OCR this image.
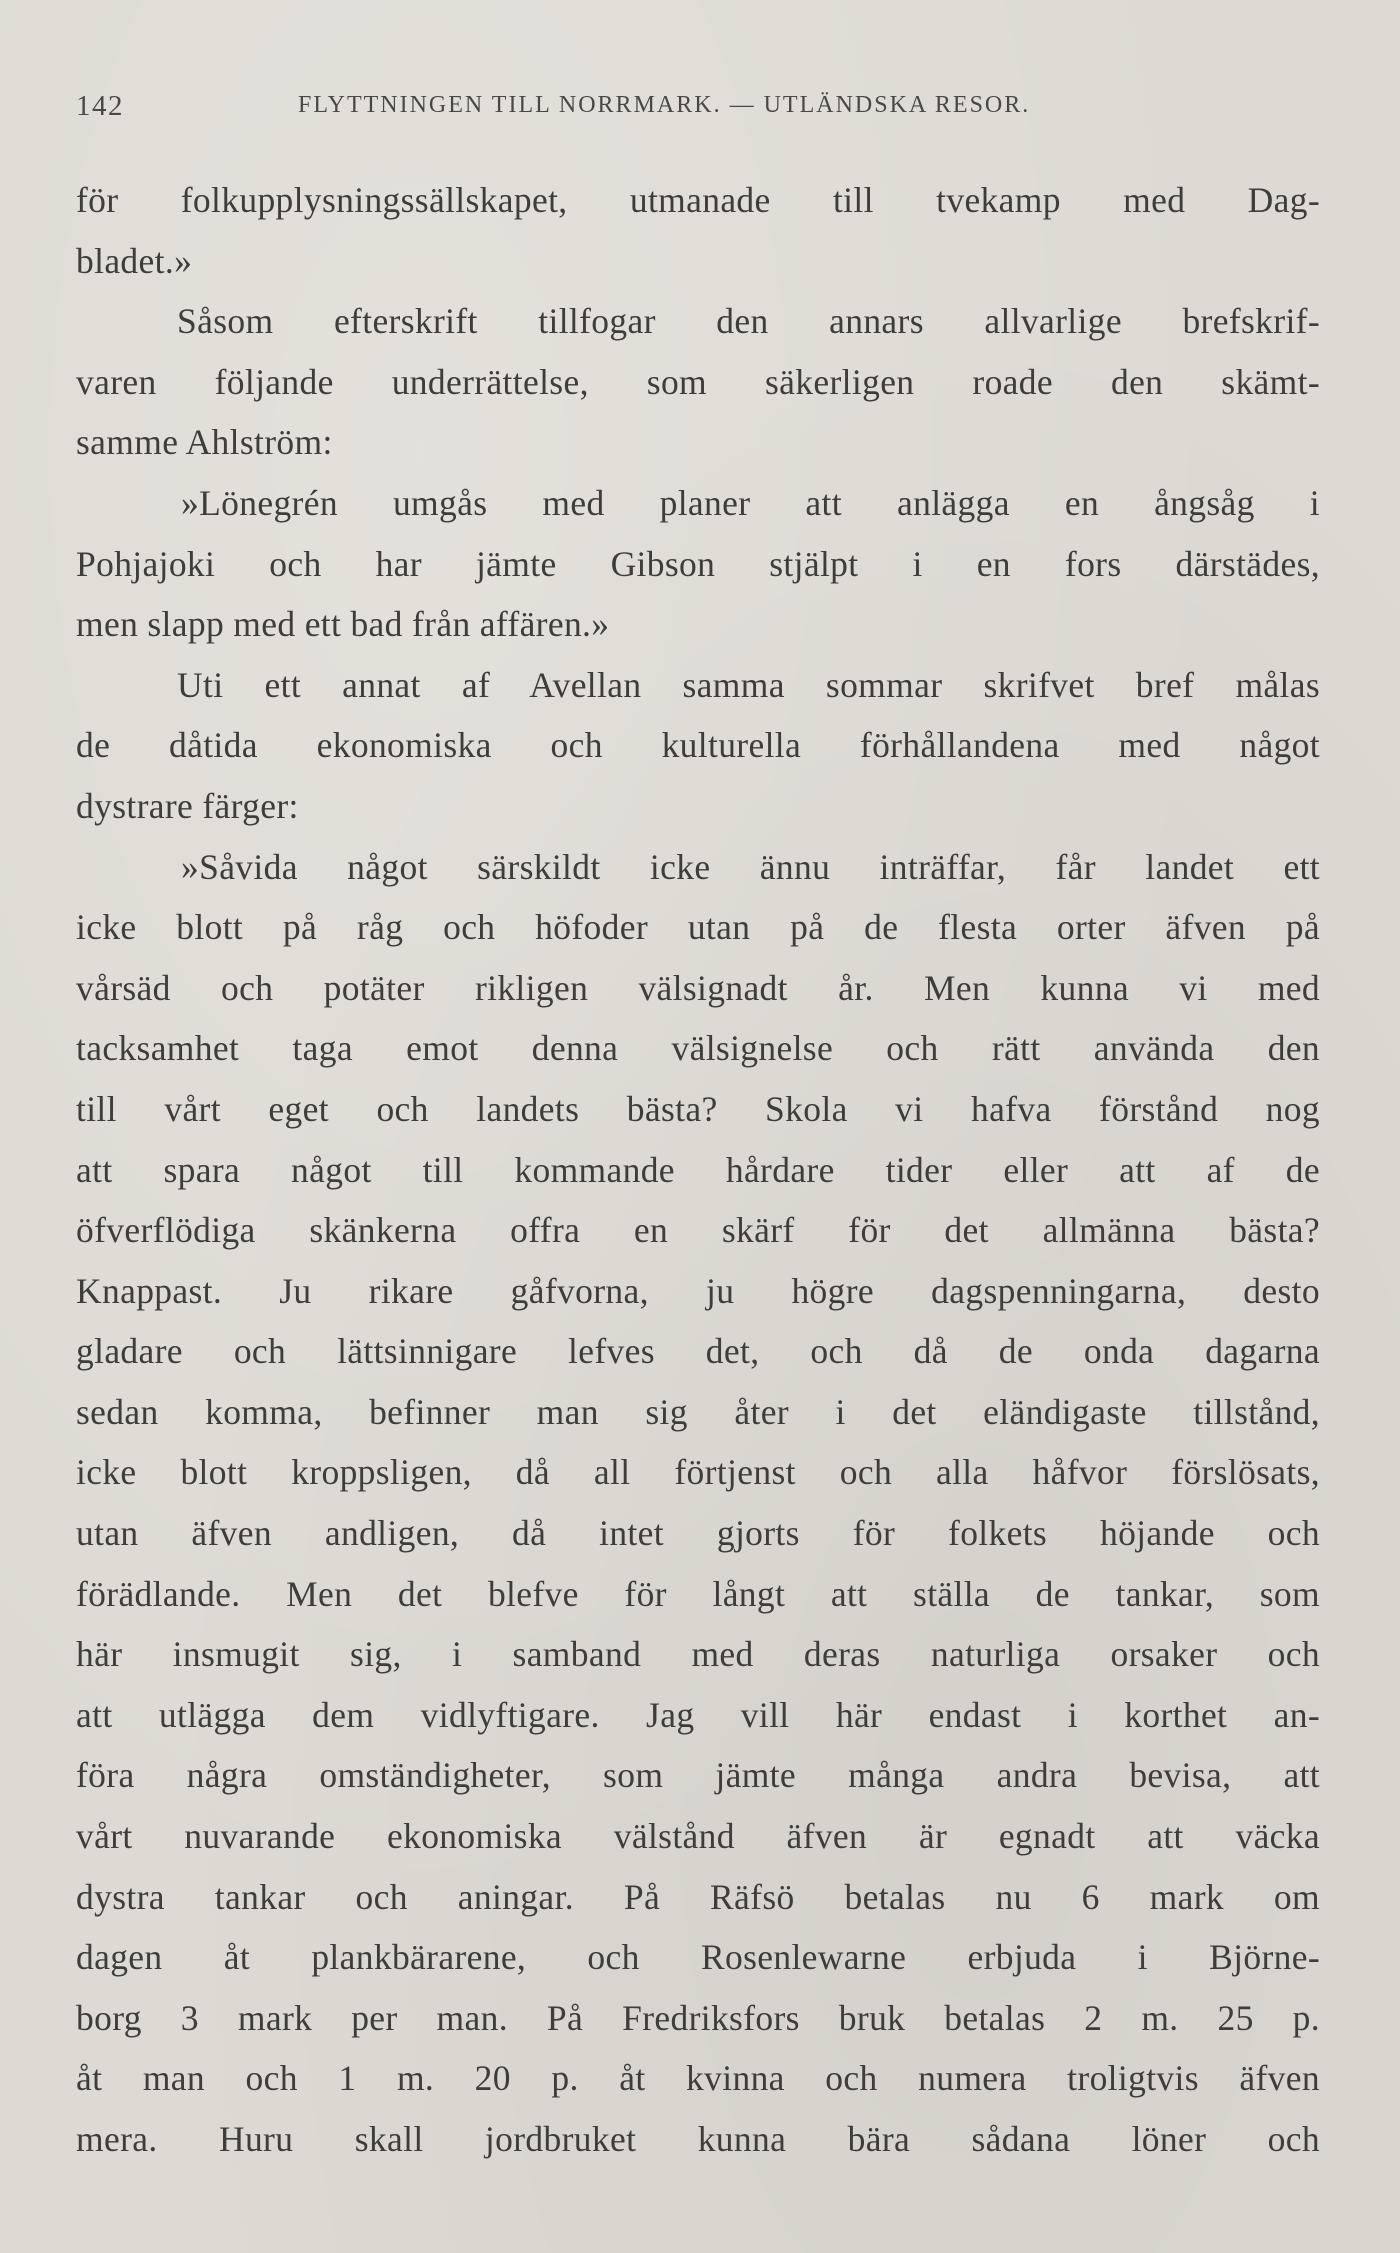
142	FLYTTNINGEN TILL NORRMARK. — UTLÄNDSKA RESOR.
för folkupplysningssällskapet, utmanade till tvekamp med Dag-
bladet.»
Såsom efterskrift tillfogar den annars allvarlige brefskrif-
varen följande underrättelse, som säkerligen roade den skämt-
samme Ahlström:
»Lönegrén umgås med planer att anlägga en ångsåg i
Pohjajoki och har jämte Gibson stjälpt i en fors därstädes,
men slapp med ett bad från affären.»
Uti ett annat af Avellan samma sommar skrifvet bref målas
de dåtida ekonomiska och kulturella förhållandena med något
dystrare färger:
»Såvida något särskildt icke ännu inträffar, får landet ett
icke blott på råg och höfoder utan på de flesta orter äfven på
vårsäd och potäter rikligen välsignadt år. Men kunna vi med
tacksamhet taga emot denna välsignelse och rätt använda den
till vårt eget och landets bästa? Skola vi hafva förstånd nog
att spara något till kommande hårdare tider eller att af de
öfverflödiga skänkerna offra en skärf för det allmänna bästa?
Knappast. Ju rikare gåfvorna, ju högre dagspenningarna, desto
gladare och lättsinnigare lefves det, och då de onda dagarna
sedan komma, befinner man sig åter i det eländigaste tillstånd,
icke blott kroppsligen, då all förtjenst och alla håfvor förslösats,
utan äfven andligen, då intet gjorts för folkets höjande och
förädlande. Men det blefve för långt att ställa de tankar, som
här insmugit sig, i samband med deras naturliga orsaker och
att utlägga dem vidlyftigare. Jag vill här endast i korthet an-
föra några omständigheter, som jämte många andra bevisa, att
vårt nuvarande ekonomiska välstånd äfven är egnadt att väcka
dystra tankar och aningar. På Räfsö betalas nu 6 mark om
dagen åt plankbärarene, och Rosenlewarne erbjuda i Björne-
borg 3 mark per man. På Fredriksfors bruk betalas 2 m. 25 p.
åt man och 1 m. 20 p. åt kvinna och numera troligtvis äfven
mera. Huru skall jordbruket kunna bära sådana löner och
